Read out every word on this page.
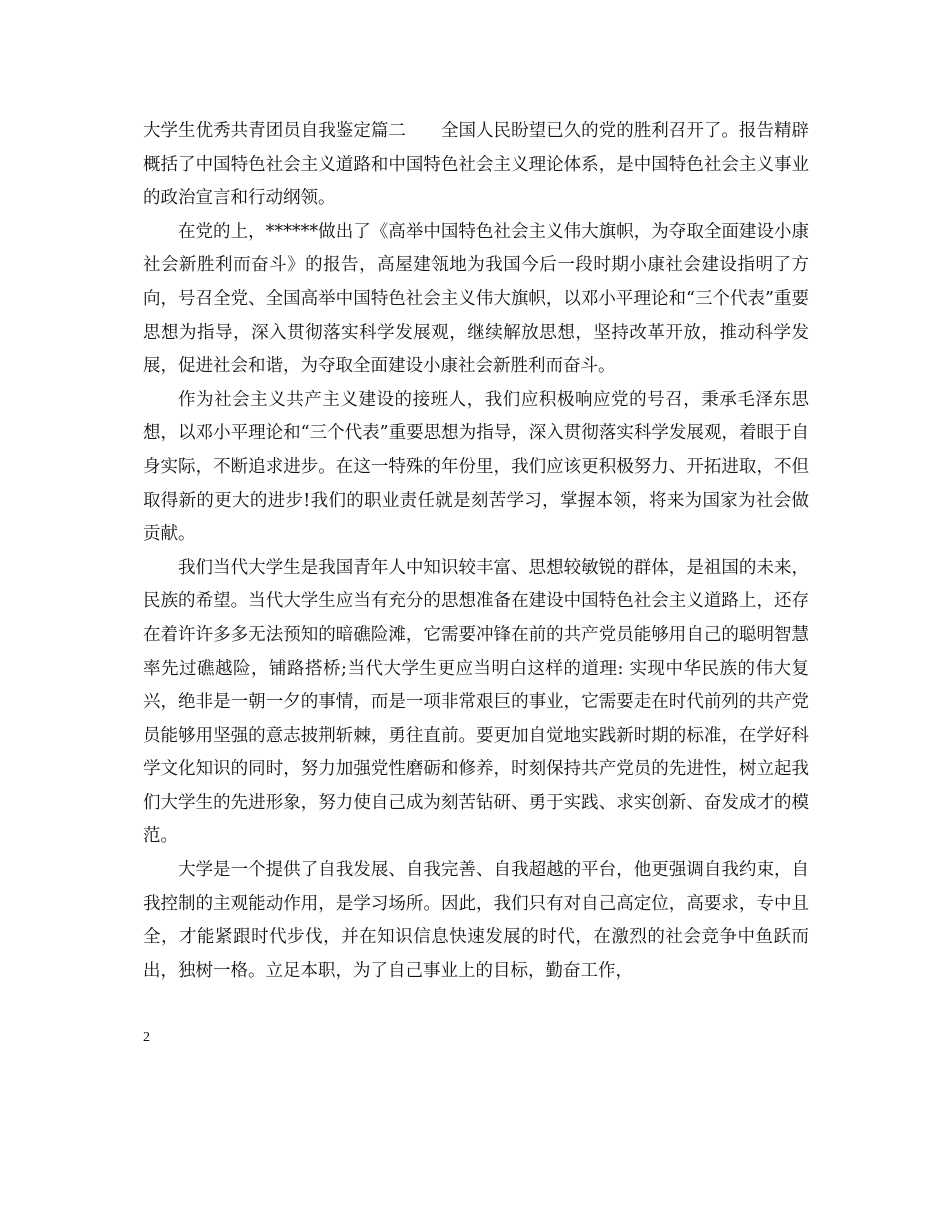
大学生优秀共青团员自我鉴定篇二　　全国人民盼望已久的党的胜利召开了。报告精辟概括了中国特色社会主义道路和中国特色社会主义理论体系，是中国特色社会主义事业的政治宣言和行动纲领。

在党的上，******做出了《高举中国特色社会主义伟大旗帜，为夺取全面建设小康社会新胜利而奋斗》的报告，高屋建瓴地为我国今后一段时期小康社会建设指明了方向，号召全党、全国高举中国特色社会主义伟大旗帜，以邓小平理论和“三个代表”重要思想为指导，深入贯彻落实科学发展观，继续解放思想，坚持改革开放，推动科学发展，促进社会和谐，为夺取全面建设小康社会新胜利而奋斗。

作为社会主义共产主义建设的接班人，我们应积极响应党的号召，秉承毛泽东思想，以邓小平理论和“三个代表”重要思想为指导，深入贯彻落实科学发展观，着眼于自身实际，不断追求进步。在这一特殊的年份里，我们应该更积极努力、开拓进取，不但取得新的更大的进步!我们的职业责任就是刻苦学习，掌握本领，将来为国家为社会做贡献。

我们当代大学生是我国青年人中知识较丰富、思想较敏锐的群体，是祖国的未来，民族的希望。当代大学生应当有充分的思想准备在建设中国特色社会主义道路上，还存在着许许多多无法预知的暗礁险滩，它需要冲锋在前的共产党员能够用自己的聪明智慧率先过礁越险，铺路搭桥;当代大学生更应当明白这样的道理: 实现中华民族的伟大复兴，绝非是一朝一夕的事情，而是一项非常艰巨的事业，它需要走在时代前列的共产党员能够用坚强的意志披荆斩棘，勇往直前。要更加自觉地实践新时期的标准，在学好科学文化知识的同时，努力加强党性磨砺和修养，时刻保持共产党员的先进性，树立起我们大学生的先进形象，努力使自己成为刻苦钻研、勇于实践、求实创新、奋发成才的模范。

大学是一个提供了自我发展、自我完善、自我超越的平台，他更强调自我约束，自我控制的主观能动作用，是学习场所。因此，我们只有对自己高定位，高要求，专中且全，才能紧跟时代步伐，并在知识信息快速发展的时代，在激烈的社会竞争中鱼跃而出，独树一格。立足本职，为了自己事业上的目标，勤奋工作，

2
